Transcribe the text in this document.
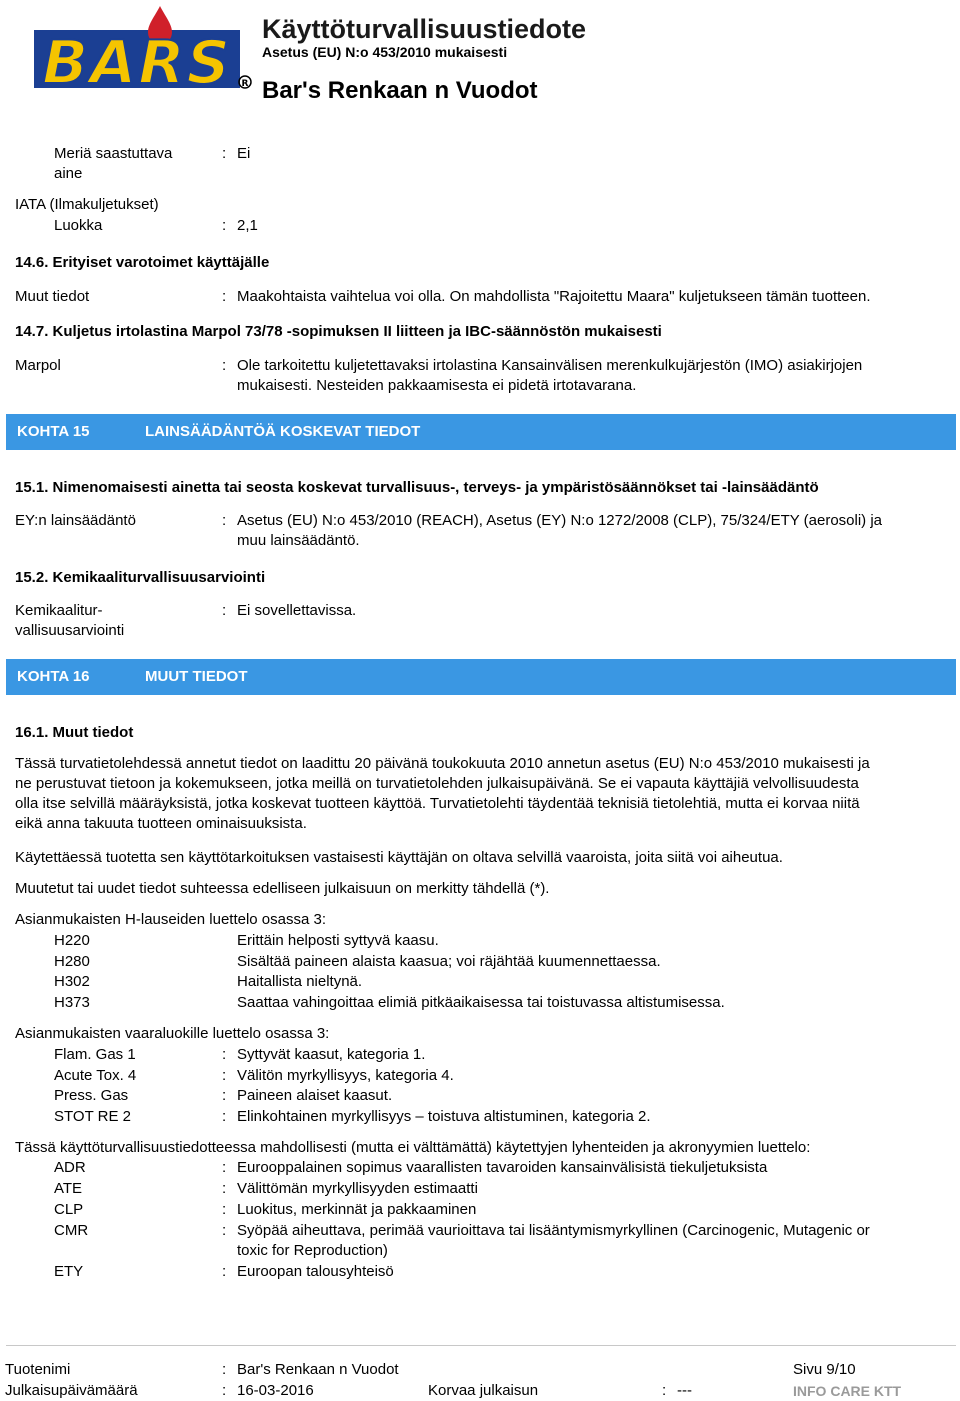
BARS R
Käyttöturvallisuustiedote
Asetus (EU) N:o 453/2010 mukaisesti
Bar's Renkaan n Vuodot
Meriä saastuttava
aine
: Ei
IATA (Ilmakuljetukset)
Luokka	: 2,1
14.6. Erityiset varotoimet käyttäjälle
Muut tiedot	: Maakohtaista vaihtelua voi olla. On mahdollista "Rajoitettu Maara" kuljetukseen tämän tuotteen.
14.7. Kuljetus irtolastina Marpol 73/78 -sopimuksen II liitteen ja IBC-säännöstön mukaisesti
Marpol	: Ole tarkoitettu kuljetettavaksi irtolastina Kansainvälisen merenkulkujärjestön (IMO) asiakirjojen
mukaisesti. Nesteiden pakkaamisesta ei pidetä irtotavarana.
KOHTA 15	LAINSÄÄDÄNTÖÄ KOSKEVAT TIEDOT
15.1. Nimenomaisesti ainetta tai seosta koskevat turvallisuus-, terveys- ja ympäristösäännökset tai -lainsäädäntö
EY:n lainsäädäntö	: Asetus (EU) N:o 453/2010 (REACH), Asetus (EY) N:o 1272/2008 (CLP), 75/324/ETY (aerosoli) ja
muu lainsäädäntö.
15.2. Kemikaaliturvallisuusarviointi
Kemikaalitur-
vallisuusarviointi
: Ei sovellettavissa.
KOHTA 16	MUUT TIEDOT
16.1. Muut tiedot
Tässä turvatietolehdessä annetut tiedot on laadittu 20 päivänä toukokuuta 2010 annetun asetus (EU) N:o 453/2010 mukaisesti ja
ne perustuvat tietoon ja kokemukseen, jotka meillä on turvatietolehden julkaisupäivänä. Se ei vapauta käyttäjiä velvollisuudesta
olla itse selvillä määräyksistä, jotka koskevat tuotteen käyttöä. Turvatietolehti täydentää teknisiä tietolehtiä, mutta ei korvaa niitä
eikä anna takuuta tuotteen ominaisuuksista.
Käytettäessä tuotetta sen käyttötarkoituksen vastaisesti käyttäjän on oltava selvillä vaaroista, joita siitä voi aiheutua.
Muutetut tai uudet tiedot suhteessa edelliseen julkaisuun on merkitty tähdellä (*).
Asianmukaisten H-lauseiden luettelo osassa 3:
H220	Erittäin helposti syttyvä kaasu.
H280	Sisältää paineen alaista kaasua; voi räjähtää kuumennettaessa.
H302	Haitallista nieltynä.
H373	Saattaa vahingoittaa elimiä pitkäaikaisessa tai toistuvassa altistumisessa.
Asianmukaisten vaaraluokille luettelo osassa 3:
Flam. Gas 1	: Syttyvät kaasut, kategoria 1.
Acute Tox. 4	: Välitön myrkyllisyys, kategoria 4.
Press. Gas	: Paineen alaiset kaasut.
STOT RE 2	: Elinkohtainen myrkyllisyys – toistuva altistuminen, kategoria 2.
Tässä käyttöturvallisuustiedotteessa mahdollisesti (mutta ei välttämättä) käytettyjen lyhenteiden ja akronyymien luettelo:
ADR	: Eurooppalainen sopimus vaarallisten tavaroiden kansainvälisistä tiekuljetuksista
ATE	: Välittömän myrkyllisyyden estimaatti
CLP	: Luokitus, merkinnät ja pakkaaminen
CMR	: Syöpää aiheuttava, perimää vaurioittava tai lisääntymismyrkyllinen (Carcinogenic, Mutagenic or
toxic for Reproduction)
ETY	: Euroopan talousyhteisö
Tuotenimi	: Bar's Renkaan n Vuodot	Sivu 9/10
Julkaisupäivämäärä	: 16-03-2016	Korvaa julkaisun	: ---	INFO CARE KTT
